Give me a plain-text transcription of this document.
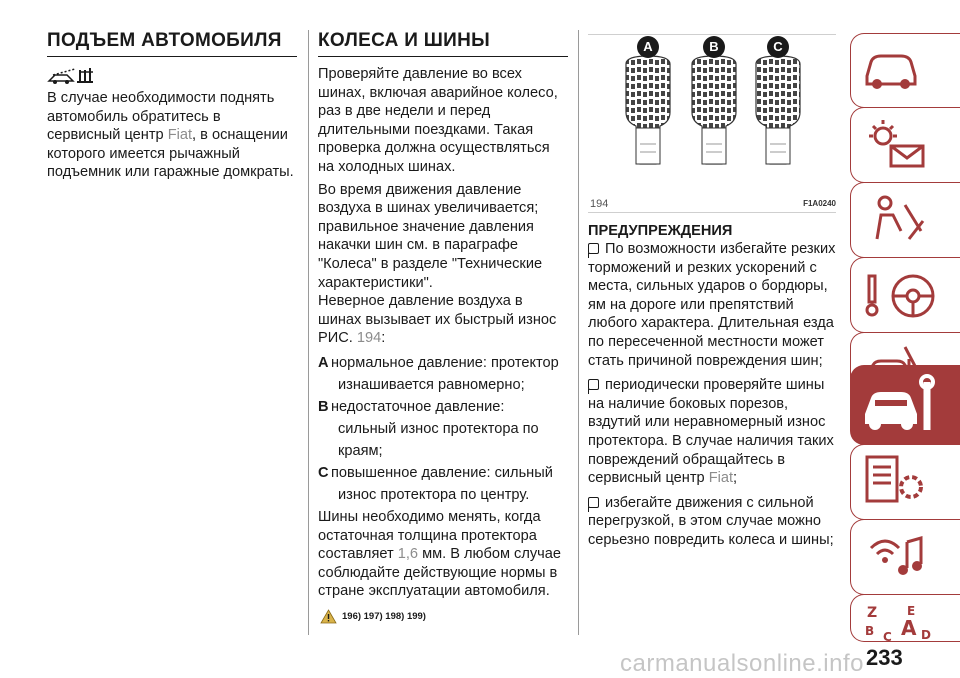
ПОДЪЕМ АВТОМОБИЛЯ

В случае необходимости поднять автомобиль обратитесь в сервисный центр Fiat, в оснащении которого имеется рычажный подъемник или гаражные домкраты.

КОЛЕСА И ШИНЫ

Проверяйте давление во всех шинах, включая аварийное колесо, раз в две недели и перед длительными поездками. Такая проверка должна осуществляться на холодных шинах.

Во время движения давление воздуха в шинах увеличивается; правильное значение давления накачки шин см. в параграфе "Колеса" в разделе "Технические характеристики".

Неверное давление воздуха в шинах вызывает их быстрый износ РИС. 194:

A нормальное давление: протектор
изнашивается равномерно;
B недостаточное давление:
сильный износ протектора по краям;
C повышенное давление: сильный
износ протектора по центру.

Шины необходимо менять, когда остаточная толщина протектора составляет 1,6 мм. В любом случае соблюдайте действующие нормы в стране эксплуатации автомобиля.

196) 197) 198) 199)
A	B	C
194	F1A0240
ПРЕДУПРЕЖДЕНИЯ

По возможности избегайте резких торможений и резких ускорений с места, сильных ударов о бордюры, ям на дороге или препятствий любого характера. Длительная езда по пересеченной местности может стать причиной повреждения шин;

периодически проверяйте шины на наличие боковых порезов, вздутий или неравномерный износ протектора. В случае наличия таких повреждений обращайтесь в сервисный центр Fiat;

избегайте движения с сильной перегрузкой, в этом случае можно серьезно повредить колеса и шины;

Z E
B A
C D
233
carmanualsonline.info
